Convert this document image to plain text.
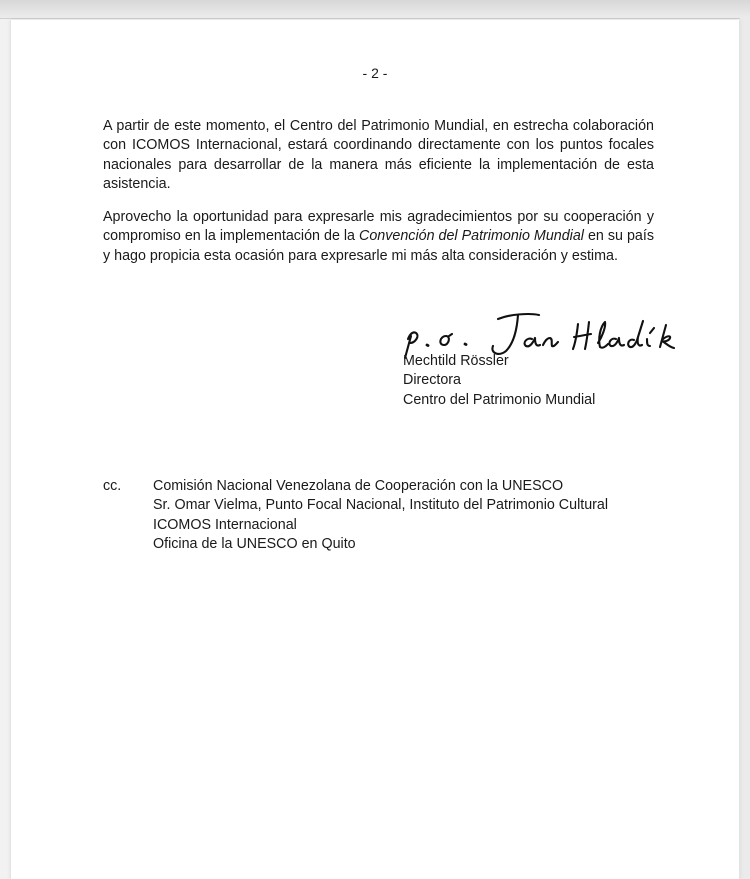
- 2 -

A partir de este momento, el Centro del Patrimonio Mundial, en estrecha colaboración con ICOMOS Internacional, estará coordinando directamente con los puntos focales nacionales para desarrollar de la manera más eficiente la implementación de esta asistencia.

Aprovecho la oportunidad para expresarle mis agradecimientos por su cooperación y compromiso en la implementación de la Convención del Patrimonio Mundial en su país y hago propicia esta ocasión para expresarle mi más alta consideración y estima.

Mechtild Rössler
Directora
Centro del Patrimonio Mundial
cc. Comisión Nacional Venezolana de Cooperación con la UNESCO
Sr. Omar Vielma, Punto Focal Nacional, Instituto del Patrimonio Cultural
ICOMOS Internacional
Oficina de la UNESCO en Quito
